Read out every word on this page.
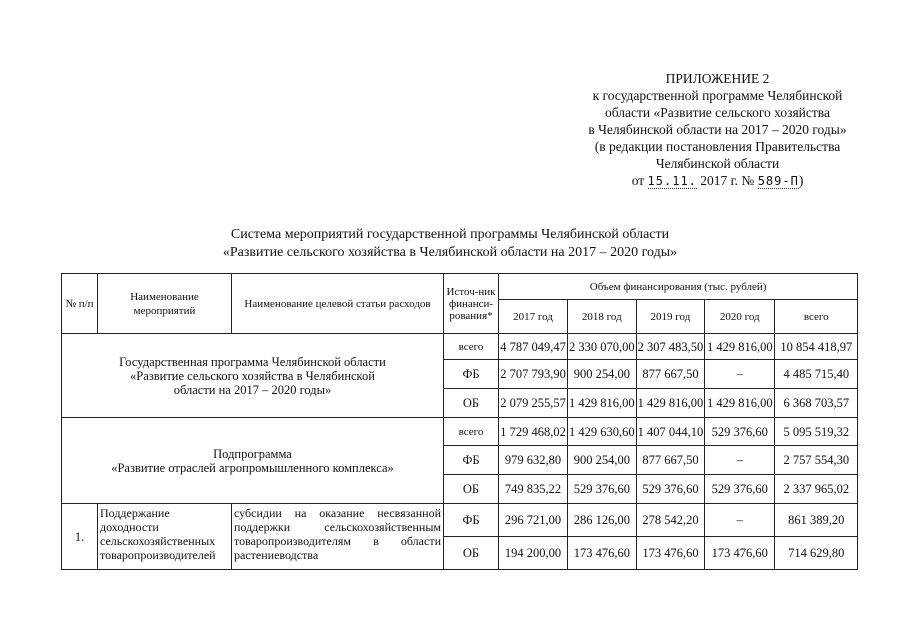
ПРИЛОЖЕНИЕ 2
к государственной программе Челябинской
области «Развитие сельского хозяйства
в Челябинской области на 2017 – 2020 годы»
(в редакции постановления Правительства
Челябинской области
от 15.11. 2017 г. № 589-П)
Система мероприятий государственной программы Челябинской области
«Развитие сельского хозяйства в Челябинской области на 2017 – 2020 годы»
№ п/п	Наименование мероприятий	Наименование целевой статьи расходов	Источ-ник финанси-рования*	Объем финансирования (тыс. рублей)				
				2017 год	2018 год	2019 год	2020 год	всего
Государственная программа Челябинской области «Развитие сельского хозяйства в Челябинской области на 2017 – 2020 годы»			всего	4 787 049,47	2 330 070,00	2 307 483,50	1 429 816,00	10 854 418,97
			ФБ	2 707 793,90	900 254,00	877 667,50	–	4 485 715,40
			ОБ	2 079 255,57	1 429 816,00	1 429 816,00	1 429 816,00	6 368 703,57

Подпрограмма
«Развитие отраслей агропромышленного комплекса»			всего	1 729 468,02	1 429 630,60	1 407 044,10	529 376,60	5 095 519,32
			ФБ	979 632,80	900 254,00	877 667,50	–	2 757 554,30
			ОБ	749 835,22	529 376,60	529 376,60	529 376,60	2 337 965,02
1.	Поддержание доходности сельскохозяйственных товаропроизводителей	субсидии на оказание несвязанной поддержки сельскохозяйственным товаропроизводителям в области растениеводства	ФБ	296 721,00	286 126,00	278 542,20	–	861 389,20
			ОБ	194 200,00	173 476,60	173 476,60	173 476,60	714 629,80
